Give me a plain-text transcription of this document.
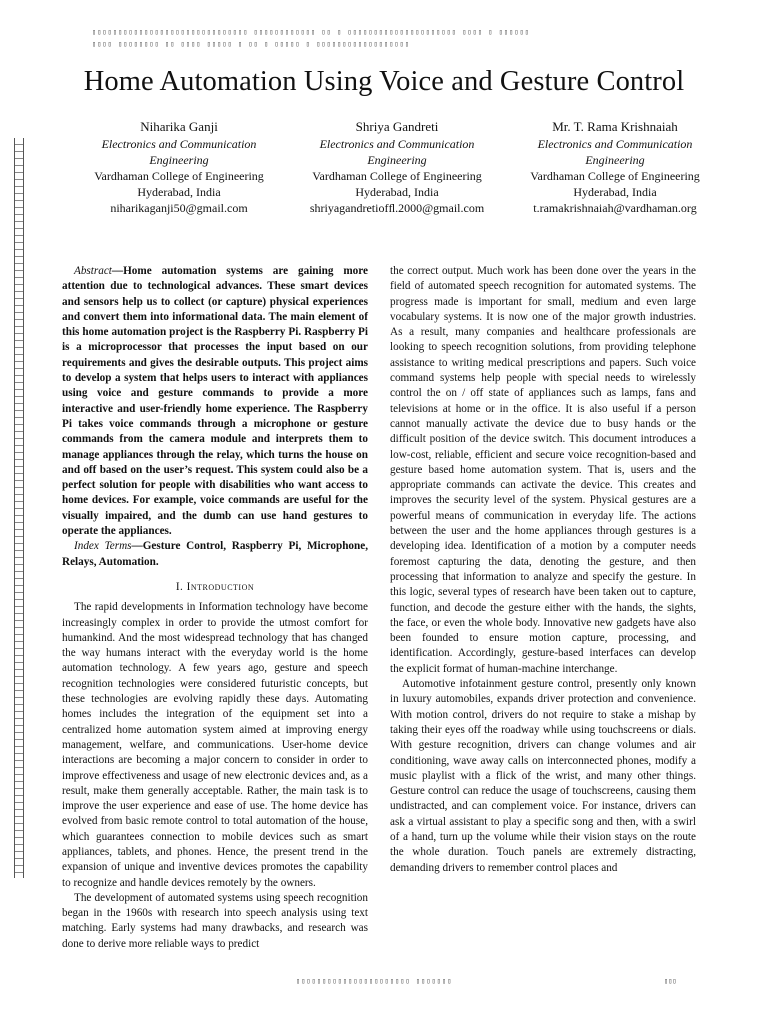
▯▯▯▯▯▯▯▯▯▯▯▯▯▯▯▯▯▯▯▯▯▯▯▯▯▯▯▯▯▯ ▯▯▯▯▯▯▯▯▯▯▯▯ ▯▯ ▯ ▯▯▯▯▯▯▯▯▯▯▯▯▯▯▯▯▯▯▯▯▯ ▯▯▯▯ ▯ ▯▯▯▯▯▯
▯▯▯▯ ▯▯▯▯▯▯▯▯ ▯▯ ▯▯▯▯ ▯▯▯▯▯ ▯ ▯▯ ▯ ▯▯▯▯▯ ▯ ▯▯▯▯▯▯▯▯▯▯▯▯▯▯▯▯▯▯
Home Automation Using Voice and Gesture Control
Niharika Ganji
Electronics and Communication
Engineering
Vardhaman College of Engineering
Hyderabad, India
niharikaganji50@gmail.com
Shriya Gandreti
Electronics and Communication
Engineering
Vardhaman College of Engineering
Hyderabad, India
shriyagandretiofﬂ.2000@gmail.com
Mr. T. Rama Krishnaiah
Electronics and Communication
Engineering
Vardhaman College of Engineering
Hyderabad, India
t.ramakrishnaiah@vardhaman.org

Abstract—Home automation systems are gaining more attention due to technological advances. These smart devices and sensors help us to collect (or capture) physical experiences and convert them into informational data. The main element of this home automation project is the Raspberry Pi. Raspberry Pi is a microprocessor that processes the input based on our requirements and gives the desirable outputs. This project aims to develop a system that helps users to interact with appliances using voice and gesture commands to provide a more interactive and user-friendly home experience. The Raspberry Pi takes voice commands through a microphone or gesture commands from the camera module and interprets them to manage appliances through the relay, which turns the house on and off based on the user’s request. This system could also be a perfect solution for people with disabilities who want access to home devices. For example, voice commands are useful for the visually impaired, and the dumb can use hand gestures to operate the appliances.

Index Terms—Gesture Control, Raspberry Pi, Microphone, Relays, Automation.

I. Introduction

The rapid developments in Information technology have become increasingly complex in order to provide the utmost comfort for humankind. And the most widespread technology that has changed the way humans interact with the everyday world is the home automation technology. A few years ago, gesture and speech recognition technologies were considered futuristic concepts, but these technologies are evolving rapidly these days. Automating homes includes the integration of the equipment set into a centralized home automation system aimed at improving energy management, welfare, and communications. User-home device interactions are becoming a major concern to consider in order to improve effectiveness and usage of new electronic devices and, as a result, make them generally acceptable. Rather, the main task is to improve the user experience and ease of use. The home device has evolved from basic remote control to total automation of the house, which guarantees connection to mobile devices such as smart appliances, tablets, and phones. Hence, the present trend in the expansion of unique and inventive devices promotes the capability to recognize and handle devices remotely by the owners.

The development of automated systems using speech recognition began in the 1960s with research into speech analysis using text matching. Early systems had many drawbacks, and research was done to derive more reliable ways to predict

the correct output. Much work has been done over the years in the field of automated speech recognition for automated systems. The progress made is important for small, medium and even large vocabulary systems. It is now one of the major growth industries. As a result, many companies and healthcare professionals are looking to speech recognition solutions, from providing telephone assistance to writing medical prescriptions and papers. Such voice command systems help people with special needs to wirelessly control the on / off state of appliances such as lamps, fans and televisions at home or in the office. It is also useful if a person cannot manually activate the device due to busy hands or the difficult position of the device switch. This document introduces a low-cost, reliable, efficient and secure voice recognition-based and gesture based home automation system. That is, users and the appropriate commands can activate the device. This creates and improves the security level of the system. Physical gestures are a powerful means of communication in everyday life. The actions between the user and the home appliances through gestures is a developing idea. Identification of a motion by a computer needs foremost capturing the data, denoting the gesture, and then processing that information to analyze and specify the gesture. In this logic, several types of research have been taken out to capture, function, and decode the gesture either with the hands, the sights, the face, or even the whole body. Innovative new gadgets have also been founded to ensure motion capture, processing, and identification. Accordingly, gesture-based interfaces can develop the explicit format of human-machine interchange.

Automotive infotainment gesture control, presently only known in luxury automobiles, expands driver protection and convenience. With motion control, drivers do not require to stake a mishap by taking their eyes off the roadway while using touchscreens or dials. With gesture recognition, drivers can change volumes and air conditioning, wave away calls on interconnected phones, modify a music playlist with a flick of the wrist, and many other things. Gesture control can reduce the usage of touchscreens, causing them undistracted, and can complement voice. For instance, drivers can ask a virtual assistant to play a specific song and then, with a swirl of a hand, turn up the volume while their vision stays on the route the whole duration. Touch panels are extremely distracting, demanding drivers to remember control places and

▯▯▯▯▯▯▯▯▯▯▯▯▯▯▯▯▯▯▯▯▯▯ ▯▯▯▯▯▯▯	▯▯▯
